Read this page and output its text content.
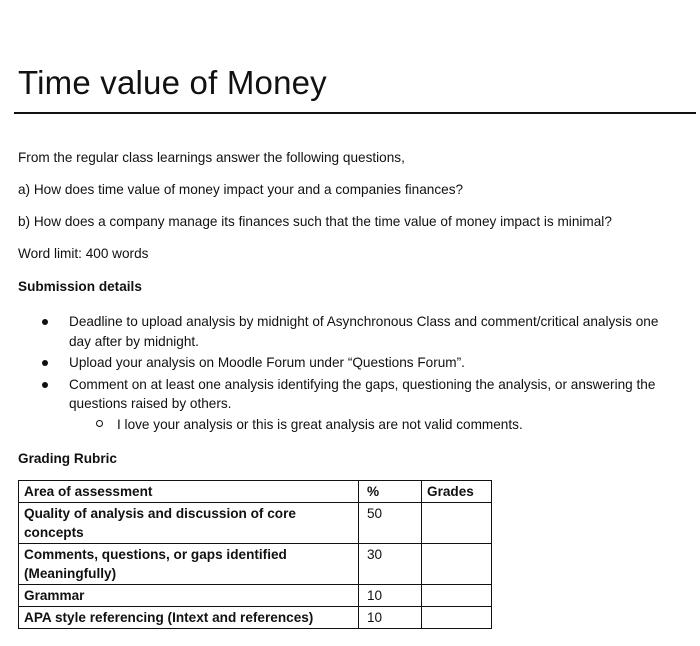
Time value of Money

From the regular class learnings answer the following questions,

a) How does time value of money impact your and a companies finances?

b) How does a company manage its finances such that the time value of money impact is minimal?

Word limit: 400 words

Submission details

Deadline to upload analysis by midnight of Asynchronous Class and comment/critical analysis one day after by midnight.
Upload your analysis on Moodle Forum under “Questions Forum”.
Comment on at least one analysis identifying the gaps, questioning the analysis, or answering the questions raised by others.
I love your analysis or this is great analysis are not valid comments.

Grading Rubric

Area of assessment	%	Grades
Quality of analysis and discussion of core concepts	50	
Comments, questions, or gaps identified (Meaningfully)	30	
Grammar	10	
APA style referencing (Intext and references)	10	
